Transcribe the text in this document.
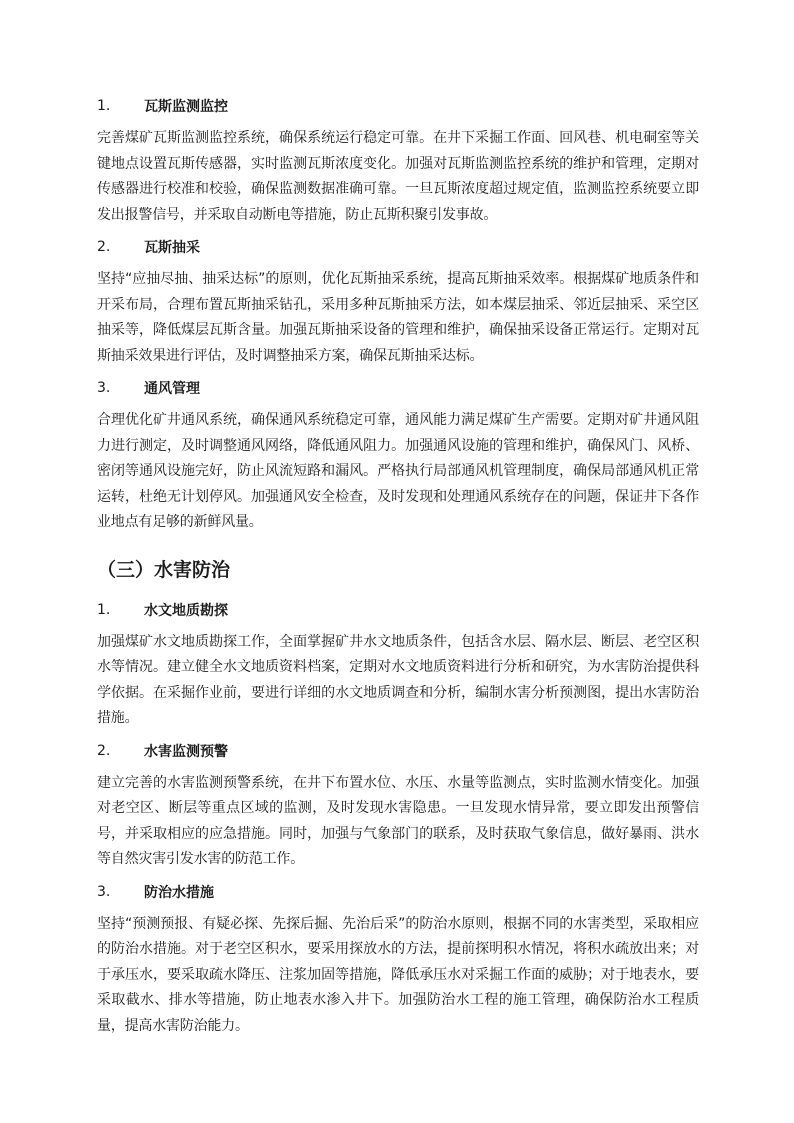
1.	瓦斯监测监控

完善煤矿瓦斯监测监控系统，确保系统运行稳定可靠。在井下采掘工作面、回风巷、机电硐室等关键地点设置瓦斯传感器，实时监测瓦斯浓度变化。加强对瓦斯监测监控系统的维护和管理，定期对传感器进行校准和校验，确保监测数据准确可靠。一旦瓦斯浓度超过规定值，监测监控系统要立即发出报警信号，并采取自动断电等措施，防止瓦斯积聚引发事故。

2.	瓦斯抽采

坚持“应抽尽抽、抽采达标”的原则，优化瓦斯抽采系统，提高瓦斯抽采效率。根据煤矿地质条件和开采布局，合理布置瓦斯抽采钻孔，采用多种瓦斯抽采方法，如本煤层抽采、邻近层抽采、采空区抽采等，降低煤层瓦斯含量。加强瓦斯抽采设备的管理和维护，确保抽采设备正常运行。定期对瓦斯抽采效果进行评估，及时调整抽采方案，确保瓦斯抽采达标。

3.	通风管理

合理优化矿井通风系统，确保通风系统稳定可靠，通风能力满足煤矿生产需要。定期对矿井通风阻力进行测定，及时调整通风网络，降低通风阻力。加强通风设施的管理和维护，确保风门、风桥、密闭等通风设施完好，防止风流短路和漏风。严格执行局部通风机管理制度，确保局部通风机正常运转，杜绝无计划停风。加强通风安全检查，及时发现和处理通风系统存在的问题，保证井下各作业地点有足够的新鲜风量。

（三）水害防治
1.	水文地质勘探

加强煤矿水文地质勘探工作，全面掌握矿井水文地质条件，包括含水层、隔水层、断层、老空区积水等情况。建立健全水文地质资料档案，定期对水文地质资料进行分析和研究，为水害防治提供科学依据。在采掘作业前，要进行详细的水文地质调查和分析，编制水害分析预测图，提出水害防治措施。

2.	水害监测预警

建立完善的水害监测预警系统，在井下布置水位、水压、水量等监测点，实时监测水情变化。加强对老空区、断层等重点区域的监测，及时发现水害隐患。一旦发现水情异常，要立即发出预警信号，并采取相应的应急措施。同时，加强与气象部门的联系，及时获取气象信息，做好暴雨、洪水等自然灾害引发水害的防范工作。

3.	防治水措施

坚持“预测预报、有疑必探、先探后掘、先治后采”的防治水原则，根据不同的水害类型，采取相应的防治水措施。对于老空区积水，要采用探放水的方法，提前探明积水情况，将积水疏放出来；对于承压水，要采取疏水降压、注浆加固等措施，降低承压水对采掘工作面的威胁；对于地表水，要采取截水、排水等措施，防止地表水渗入井下。加强防治水工程的施工管理，确保防治水工程质量，提高水害防治能力。
